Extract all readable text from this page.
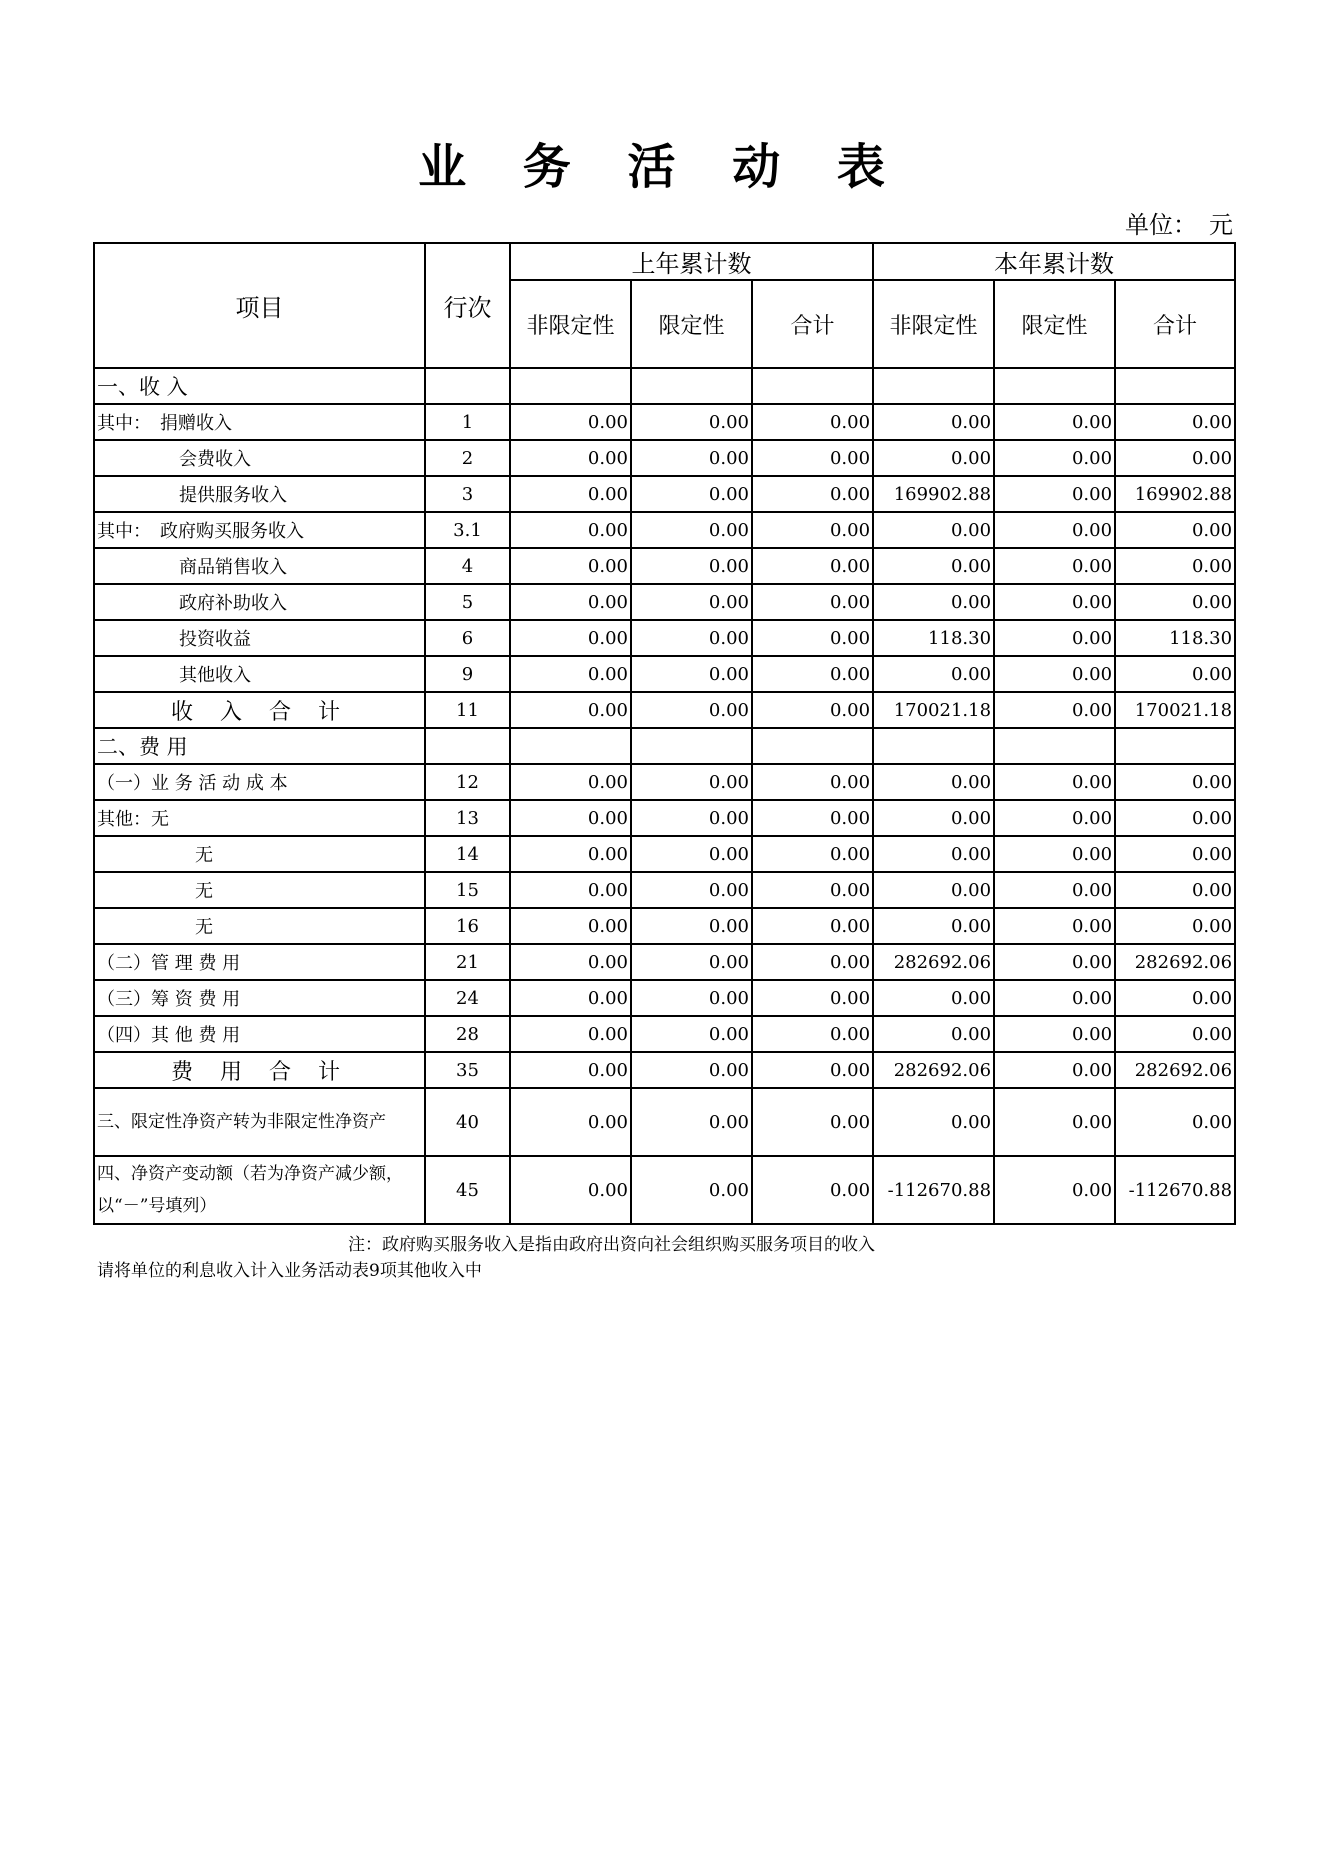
业 务 活 动 表
单位：　元
项目	行次	上年累计数			本年累计数		
		非限定性	限定性	合计	非限定性	限定性	合计
一、收 入							
其中：　捐赠收入	1	0.00	0.00	0.00	0.00	0.00	0.00
会费收入	2	0.00	0.00	0.00	0.00	0.00	0.00
提供服务收入	3	0.00	0.00	0.00	169902.88	0.00	169902.88
其中：　政府购买服务收入	3.1	0.00	0.00	0.00	0.00	0.00	0.00
商品销售收入	4	0.00	0.00	0.00	0.00	0.00	0.00
政府补助收入	5	0.00	0.00	0.00	0.00	0.00	0.00
投资收益	6	0.00	0.00	0.00	118.30	0.00	118.30
其他收入	9	0.00	0.00	0.00	0.00	0.00	0.00
收 入 合 计	11	0.00	0.00	0.00	170021.18	0.00	170021.18
二、费 用							
（一）业 务 活 动 成 本	12	0.00	0.00	0.00	0.00	0.00	0.00
其他：无	13	0.00	0.00	0.00	0.00	0.00	0.00
无	14	0.00	0.00	0.00	0.00	0.00	0.00
无	15	0.00	0.00	0.00	0.00	0.00	0.00
无	16	0.00	0.00	0.00	0.00	0.00	0.00
（二）管 理 费 用	21	0.00	0.00	0.00	282692.06	0.00	282692.06
（三）筹 资 费 用	24	0.00	0.00	0.00	0.00	0.00	0.00
（四）其 他 费 用	28	0.00	0.00	0.00	0.00	0.00	0.00
费 用 合 计	35	0.00	0.00	0.00	282692.06	0.00	282692.06
三、限定性净资产转为非限定性净资产	40	0.00	0.00	0.00	0.00	0.00	0.00
四、净资产变动额（若为净资产减少额，以“－”号填列）	45	0.00	0.00	0.00	-112670.88	0.00	-112670.88
注：政府购买服务收入是指由政府出资向社会组织购买服务项目的收入
请将单位的利息收入计入业务活动表9项其他收入中
